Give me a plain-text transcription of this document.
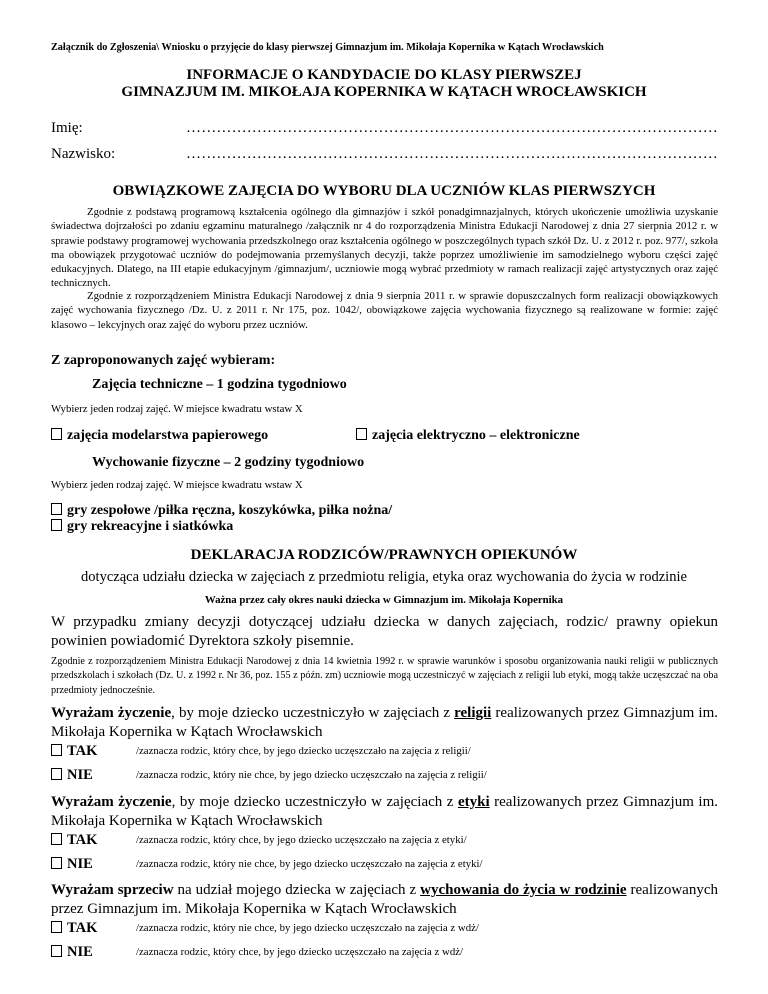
Załącznik do Zgłoszenia\ Wniosku o przyjęcie do klasy pierwszej Gimnazjum im. Mikołaja Kopernika w Kątach Wrocławskich
INFORMACJE O KANDYDACIE DO KLASY PIERWSZEJ
GIMNAZJUM IM. MIKOŁAJA KOPERNIKA W KĄTACH WROCŁAWSKICH
Imię:	……………………………………………………………………………………………
Nazwisko:	……………………………………………………………………………………………
OBWIĄZKOWE ZAJĘCIA DO WYBORU DLA UCZNIÓW KLAS PIERWSZYCH
Zgodnie z podstawą programową kształcenia ogólnego dla gimnazjów i szkół ponadgimnazjalnych, których ukończenie umożliwia uzyskanie świadectwa dojrzałości po zdaniu egzaminu maturalnego /załącznik nr 4 do rozporządzenia Ministra Edukacji Narodowej z dnia 27 sierpnia 2012 r. w sprawie podstawy programowej wychowania przedszkolnego oraz kształcenia ogólnego w poszczególnych typach szkół Dz. U. z 2012 r. poz. 977/, szkoła ma obowiązek przygotować uczniów do podejmowania przemyślanych decyzji, także poprzez umożliwienie im samodzielnego wyboru części zajęć edukacyjnych. Dlatego, na III etapie edukacyjnym /gimnazjum/, uczniowie mogą wybrać przedmioty w ramach realizacji zajęć artystycznych oraz zajęć technicznych.
Zgodnie z rozporządzeniem Ministra Edukacji Narodowej z dnia 9 sierpnia 2011 r. w sprawie dopuszczalnych form realizacji obowiązkowych zajęć wychowania fizycznego /Dz. U. z 2011 r. Nr 175, poz. 1042/, obowiązkowe zajęcia wychowania fizycznego są realizowane w formie: zajęć klasowo – lekcyjnych oraz zajęć do wyboru przez uczniów.
Z zaproponowanych zajęć wybieram:
Zajęcia techniczne – 1 godzina tygodniowo
Wybierz jeden rodzaj zajęć. W miejsce kwadratu wstaw X
zajęcia modelarstwa papierowego	zajęcia elektryczno – elektroniczne
Wychowanie fizyczne – 2 godziny tygodniowo
Wybierz jeden rodzaj zajęć. W miejsce kwadratu wstaw X
gry zespołowe /piłka ręczna, koszykówka, piłka nożna/
gry rekreacyjne i siatkówka
DEKLARACJA RODZICÓW/PRAWNYCH OPIEKUNÓW
dotycząca udziału dziecka w zajęciach z przedmiotu religia, etyka oraz wychowania do życia w rodzinie
Ważna przez cały okres nauki dziecka w Gimnazjum im. Mikołaja Kopernika
W przypadku zmiany decyzji dotyczącej udziału dziecka w danych zajęciach, rodzic/ prawny opiekun powinien powiadomić Dyrektora szkoły pisemnie.
Zgodnie z rozporządzeniem Ministra Edukacji Narodowej z dnia 14 kwietnia 1992 r. w sprawie warunków i sposobu organizowania nauki religii w publicznych przedszkolach i szkołach (Dz. U. z 1992 r. Nr 36, poz. 155 z późn. zm) uczniowie mogą uczestniczyć w zajęciach z religii lub etyki, mogą także uczęszczać na oba przedmioty jednocześnie.
Wyrażam życzenie, by moje dziecko uczestniczyło w zajęciach z religii realizowanych przez Gimnazjum im. Mikołaja Kopernika w Kątach Wrocławskich
TAK	/zaznacza rodzic, który chce, by jego dziecko uczęszczało na zajęcia z religii/
NIE	/zaznacza rodzic, który nie chce, by jego dziecko uczęszczało na zajęcia z religii/
Wyrażam życzenie, by moje dziecko uczestniczyło w zajęciach z etyki realizowanych przez Gimnazjum im. Mikołaja Kopernika w Kątach Wrocławskich
TAK	/zaznacza rodzic, który chce, by jego dziecko uczęszczało na zajęcia z etyki/
NIE	/zaznacza rodzic, który nie chce, by jego dziecko uczęszczało na zajęcia z etyki/
Wyrażam sprzeciw na udział mojego dziecka w zajęciach z wychowania do życia w rodzinie realizowanych przez Gimnazjum im. Mikołaja Kopernika w Kątach Wrocławskich
TAK	/zaznacza rodzic, który nie chce, by jego dziecko uczęszczało na zajęcia z wdż/
NIE	/zaznacza rodzic, który chce, by jego dziecko uczęszczało na zajęcia z wdż/
